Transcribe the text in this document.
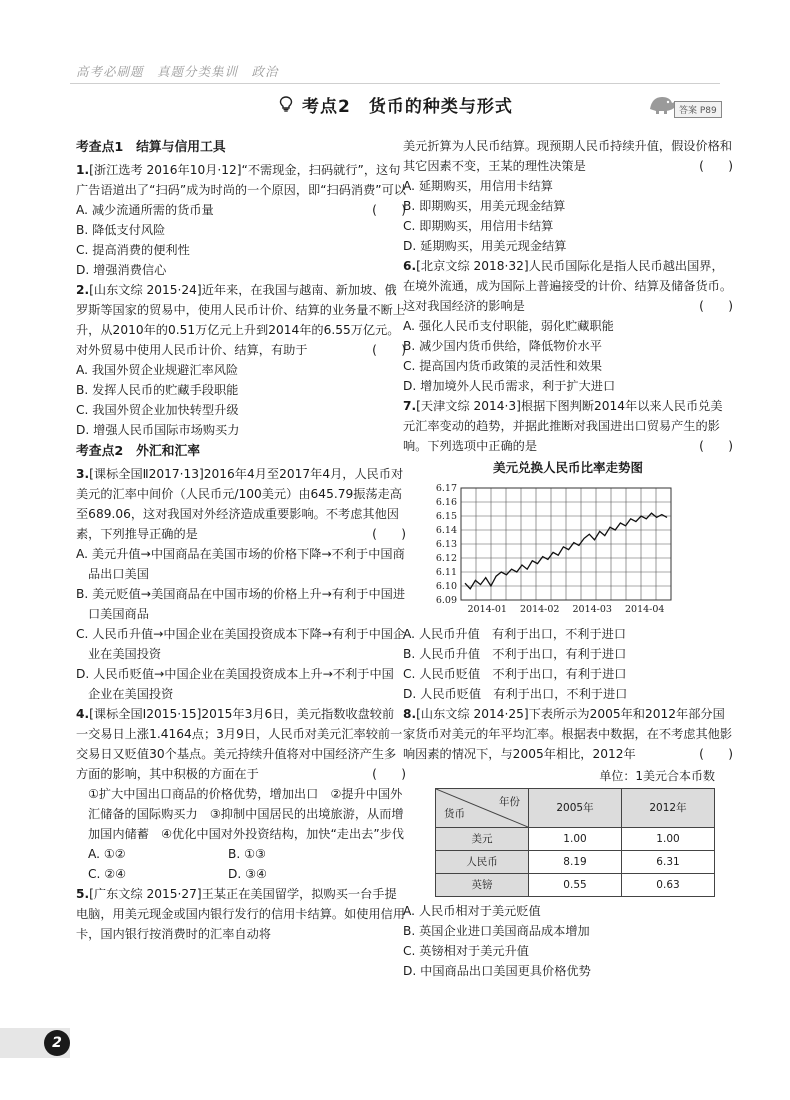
高考必刷题　真题分类集训　政治
考点2　货币的种类与形式	答案 P89
考查点1　结算与信用工具
1.[浙江选考 2016年10月·12]“不需现金，扫码就行”，这句广告语道出了“扫码”成为时尚的一个原因，即“扫码消费”可以
(　　)
A. 减少流通所需的货币量
B. 降低支付风险
C. 提高消费的便利性
D. 增强消费信心
2.[山东文综 2015·24]近年来，在我国与越南、新加坡、俄罗斯等国家的贸易中，使用人民币计价、结算的业务量不断上升，从2010年的0.51万亿元上升到2014年的6.55万亿元。对外贸易中使用人民币计价、结算，有助于	(　　)
A. 我国外贸企业规避汇率风险
B. 发挥人民币的贮藏手段职能
C. 我国外贸企业加快转型升级
D. 增强人民币国际市场购买力
考查点2　外汇和汇率
3.[课标全国Ⅱ2017·13]2016年4月至2017年4月，人民币对美元的汇率中间价（人民币元/100美元）由645.79振荡走高至689.06，这对我国对外经济造成重要影响。不考虑其他因素，下列推导正确的是	(　　)
A. 美元升值→中国商品在美国市场的价格下降→不利于中国商品出口美国
B. 美元贬值→美国商品在中国市场的价格上升→有利于中国进口美国商品
C. 人民币升值→中国企业在美国投资成本下降→有利于中国企业在美国投资
D. 人民币贬值→中国企业在美国投资成本上升→不利于中国企业在美国投资
4.[课标全国Ⅰ2015·15]2015年3月6日，美元指数收盘较前一交易日上涨1.4164点；3月9日，人民币对美元汇率较前一交易日又贬值30个基点。美元持续升值将对中国经济产生多方面的影响，其中积极的方面在于	(　　)
①扩大中国出口商品的价格优势，增加出口　②提升中国外汇储备的国际购买力　③抑制中国居民的出境旅游，从而增加国内储蓄　④优化中国对外投资结构，加快“走出去”步伐
A. ①②	B. ①③
C. ②④	D. ③④
5.[广东文综 2015·27]王某正在美国留学，拟购买一台手提电脑，用美元现金或国内银行发行的信用卡结算。如使用信用卡，国内银行按消费时的汇率自动将
美元折算为人民币结算。现预期人民币持续升值，假设价格和其它因素不变，王某的理性决策是	(　　)
A. 延期购买，用信用卡结算
B. 即期购买，用美元现金结算
C. 即期购买，用信用卡结算
D. 延期购买，用美元现金结算
6.[北京文综 2018·32]人民币国际化是指人民币越出国界，在境外流通，成为国际上普遍接受的计价、结算及储备货币。这对我国经济的影响是	(　　)
A. 强化人民币支付职能，弱化贮藏职能
B. 减少国内货币供给，降低物价水平
C. 提高国内货币政策的灵活性和效果
D. 增加境外人民币需求，利于扩大进口
7.[天津文综 2014·3]根据下图判断2014年以来人民币兑美元汇率变动的趋势，并据此推断对我国进出口贸易产生的影响。下列选项中正确的是	(　　)
美元兑换人民币比率走势图
6.09
6.10
6.11
6.12
6.13
6.14
6.15
6.16
6.17
2014-01 2014-02 2014-03 2014-04
A. 人民币升值　有利于出口，不利于进口
B. 人民币升值　不利于出口，有利于进口
C. 人民币贬值　不利于出口，有利于进口
D. 人民币贬值　有利于出口，不利于进口
8.[山东文综 2014·25]下表所示为2005年和2012年部分国家货币对美元的年平均汇率。根据表中数据，在不考虑其他影响因素的情况下，与2005年相比，2012年	(　　)
单位：1美元合本币数
年份
货币	2005年	2012年
美元	1.00	1.00
人民币	8.19	6.31
英镑	0.55	0.63
A. 人民币相对于美元贬值
B. 英国企业进口美国商品成本增加
C. 英镑相对于美元升值
D. 中国商品出口美国更具价格优势
2
